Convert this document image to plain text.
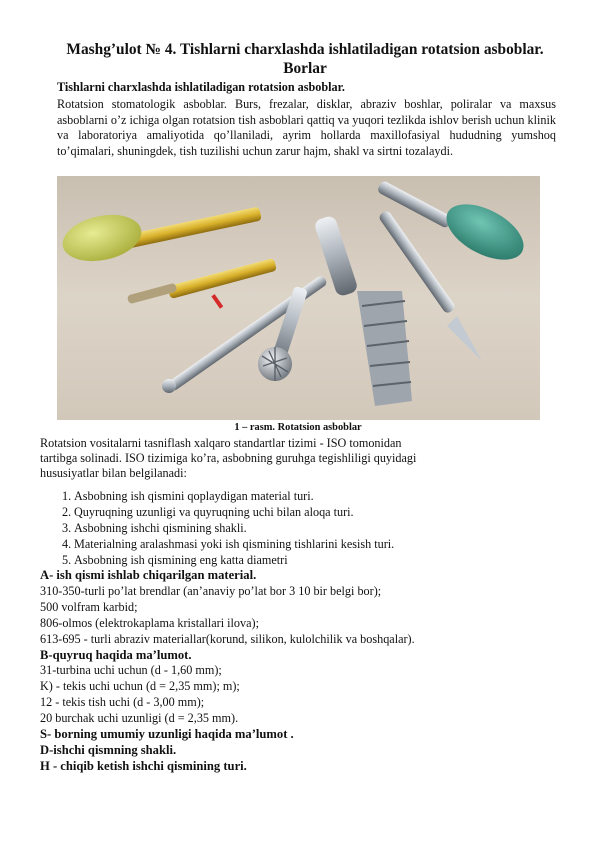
Mashg’ulot № 4. Tishlarni charxlashda ishlatiladigan rotatsion asboblar. Borlar
Tishlarni charxlashda ishlatiladigan rotatsion asboblar.
Rotatsion stomatologik asboblar. Burs, frezalar, disklar, abraziv boshlar, poliralar va maxsus asboblarni o’z ichiga olgan rotatsion tish asboblari qattiq va yuqori tezlikda ishlov berish uchun klinik va laboratoriya amaliyotida qo’llaniladi, ayrim hollarda maxillofasiyal hududning yumshoq to’qimalari, shuningdek, tish tuzilishi uchun zarur hajm, shakl va sirtni tozalaydi.
1 – rasm. Rotatsion asboblar
Rotatsion vositalarni tasniflash xalqaro standartlar tizimi - ISO tomonidan
tartibga solinadi. ISO tizimiga ko’ra, asbobning guruhga tegishliligi quyidagi
hususiyatlar bilan belgilanadi:
1. Asbobning ish qismini qoplaydigan material turi.
2. Quyruqning uzunligi va quyruqning uchi bilan aloqa turi.
3. Asbobning ishchi qismining shakli.
4. Materialning aralashmasi yoki ish qismining tishlarini kesish turi.
5. Asbobning ish qismining eng katta diametri
A- ish qismi ishlab chiqarilgan material.
310-350-turli po’lat brendlar (an’anaviy po’lat bor 3 10 bir belgi bor);
500 volfram karbid;
806-olmos (elektrokaplama kristallari ilova);
613-695 - turli abraziv materiallar(korund, silikon, kulolchilik va boshqalar).
B-quyruq haqida ma’lumot.
31-turbina uchi uchun (d - 1,60 mm);
K) - tekis uchi uchun (d = 2,35 mm); m);
12 - tekis tish uchi (d - 3,00 mm);
20 burchak uchi uzunligi (d = 2,35 mm).
S- borning umumiy uzunligi haqida ma’lumot .
D-ishchi qismning shakli.
H - chiqib ketish ishchi qismining turi.
